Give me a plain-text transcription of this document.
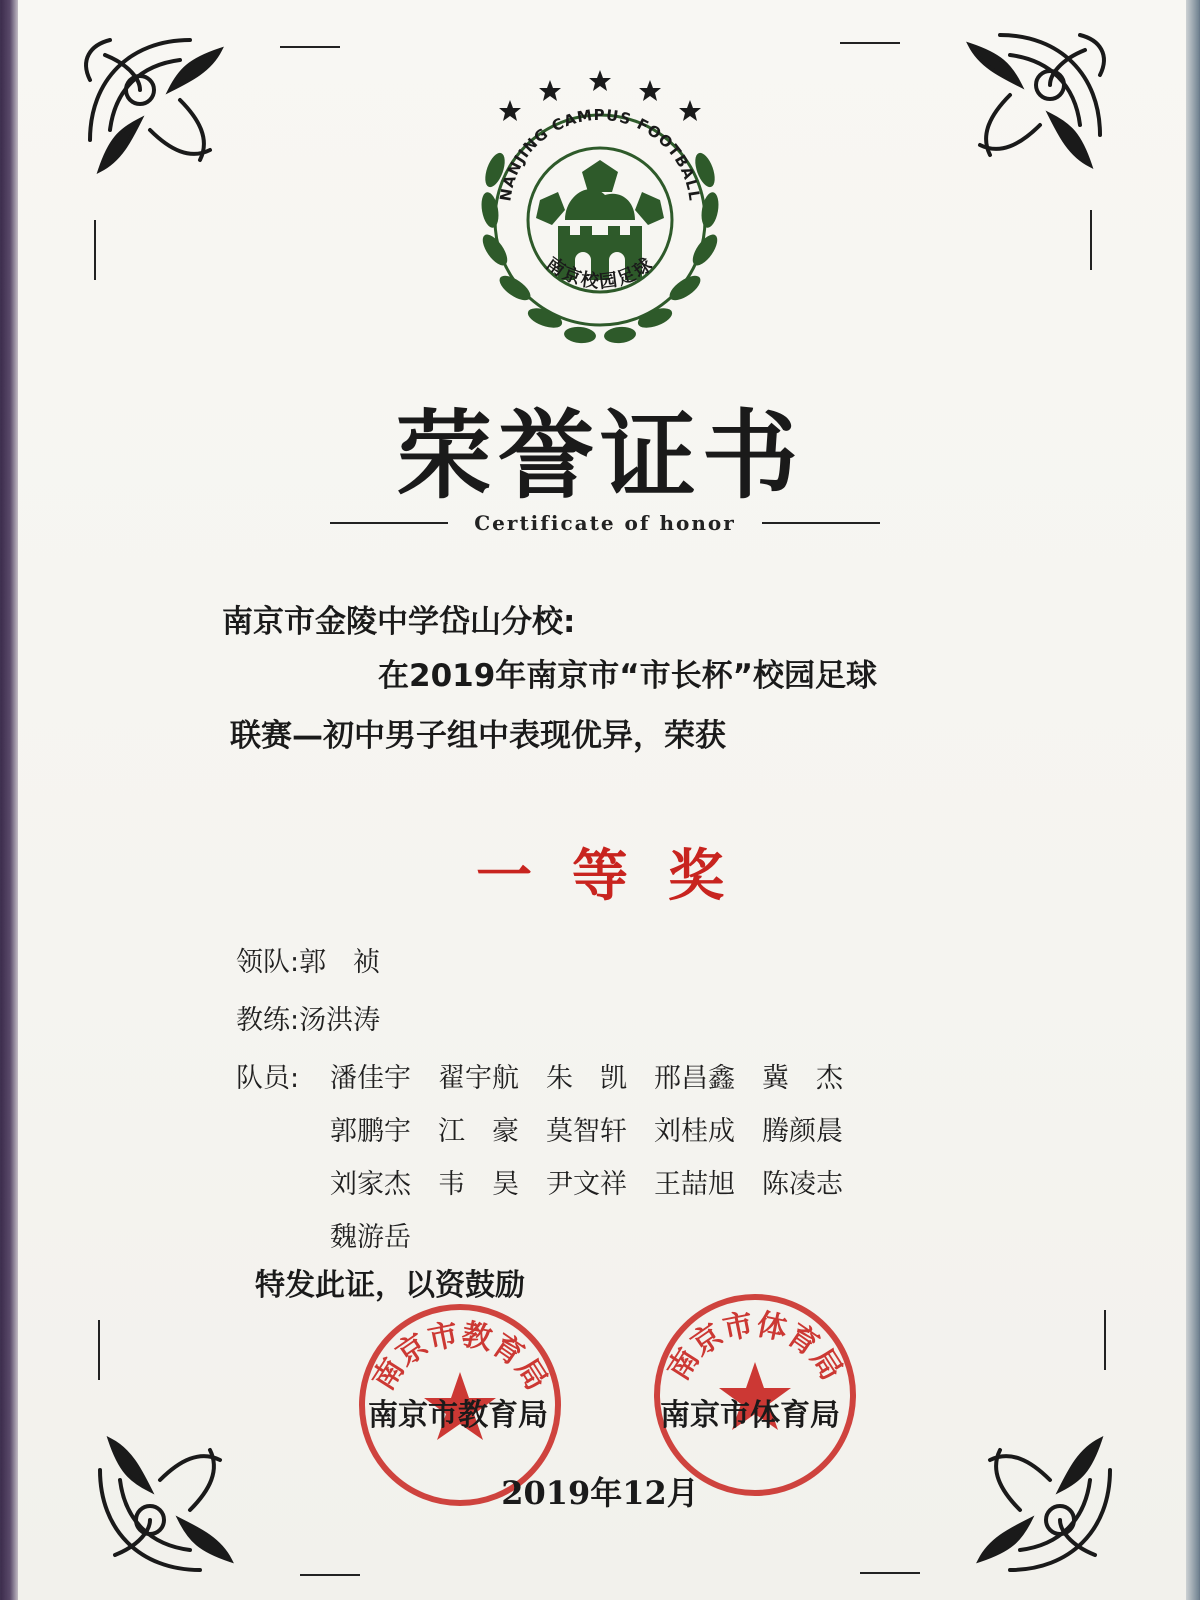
NANJING CAMPUS FOOTBALL
南京校园足球
荣誉证书
Certificate of honor
南京市金陵中学岱山分校:
在2019年南京市“市长杯”校园足球
联赛—初中男子组中表现优异，荣获
一等奖
领队:郭　祯
教练:汤洪涛
队员: 潘佳宇	翟宇航	朱　凯	邢昌鑫	冀　杰
郭鹏宇	江　豪	莫智轩	刘桂成	腾颜晨
刘家杰	韦　昊	尹文祥	王喆旭	陈凌志
魏游岳
特发此证，以资鼓励
南京市教育局	南京市体育局
南京市教育局	南京市体育局
2019年12月
